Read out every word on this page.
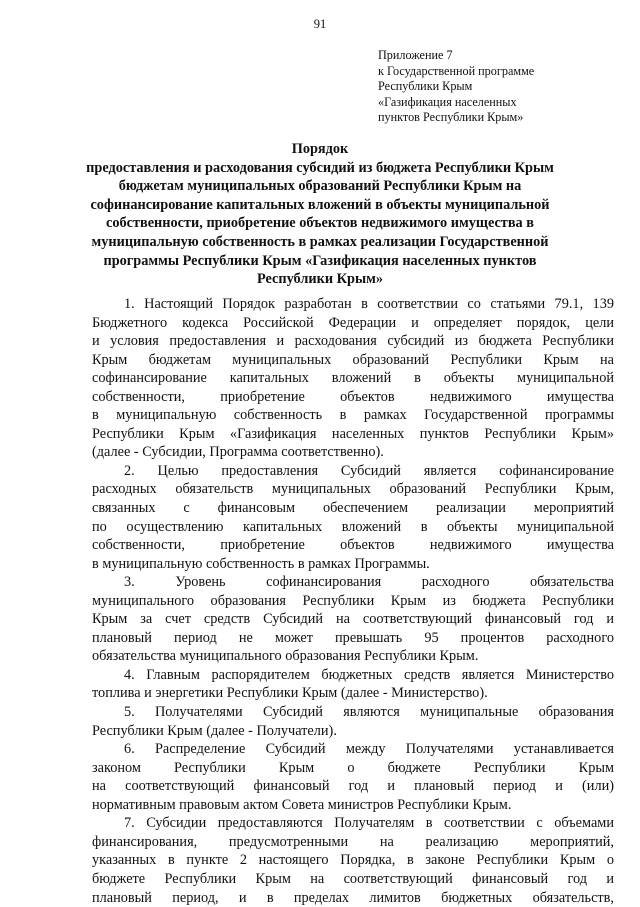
91
Приложение 7
к Государственной программе
Республики Крым
«Газификация населенных
пунктов Республики Крым»
Порядок
предоставления и расходования субсидий из бюджета Республики Крым
бюджетам муниципальных образований Республики Крым на
софинансирование капитальных вложений в объекты муниципальной
собственности, приобретение объектов недвижимого имущества в
муниципальную собственность в рамках реализации Государственной
программы Республики Крым «Газификация населенных пунктов
Республики Крым»
1. Настоящий Порядок разработан в соответствии со статьями 79.1, 139
Бюджетного кодекса Российской Федерации и определяет порядок, цели
и условия предоставления и расходования субсидий из бюджета Республики
Крым бюджетам муниципальных образований Республики Крым на
софинансирование капитальных вложений в объекты муниципальной
собственности, приобретение объектов недвижимого имущества
в муниципальную собственность в рамках Государственной программы
Республики Крым «Газификация населенных пунктов Республики Крым»
(далее - Субсидии, Программа соответственно).
2. Целью предоставления Субсидий является софинансирование
расходных обязательств муниципальных образований Республики Крым,
связанных с финансовым обеспечением реализации мероприятий
по осуществлению капитальных вложений в объекты муниципальной
собственности, приобретение объектов недвижимого имущества
в муниципальную собственность в рамках Программы.
3. Уровень софинансирования расходного обязательства
муниципального образования Республики Крым из бюджета Республики
Крым за счет средств Субсидий на соответствующий финансовый год и
плановый период не может превышать 95 процентов расходного
обязательства муниципального образования Республики Крым.
4. Главным распорядителем бюджетных средств является Министерство
топлива и энергетики Республики Крым (далее - Министерство).
5. Получателями Субсидий являются муниципальные образования
Республики Крым (далее - Получатели).
6. Распределение Субсидий между Получателями устанавливается
законом Республики Крым о бюджете Республики Крым
на соответствующий финансовый год и плановый период и (или)
нормативным правовым актом Совета министров Республики Крым.
7. Субсидии предоставляются Получателям в соответствии с объемами
финансирования, предусмотренными на реализацию мероприятий,
указанных в пункте 2 настоящего Порядка, в законе Республики Крым о
бюджете Республики Крым на соответствующий финансовый год и
плановый период, и в пределах лимитов бюджетных обязательств,
